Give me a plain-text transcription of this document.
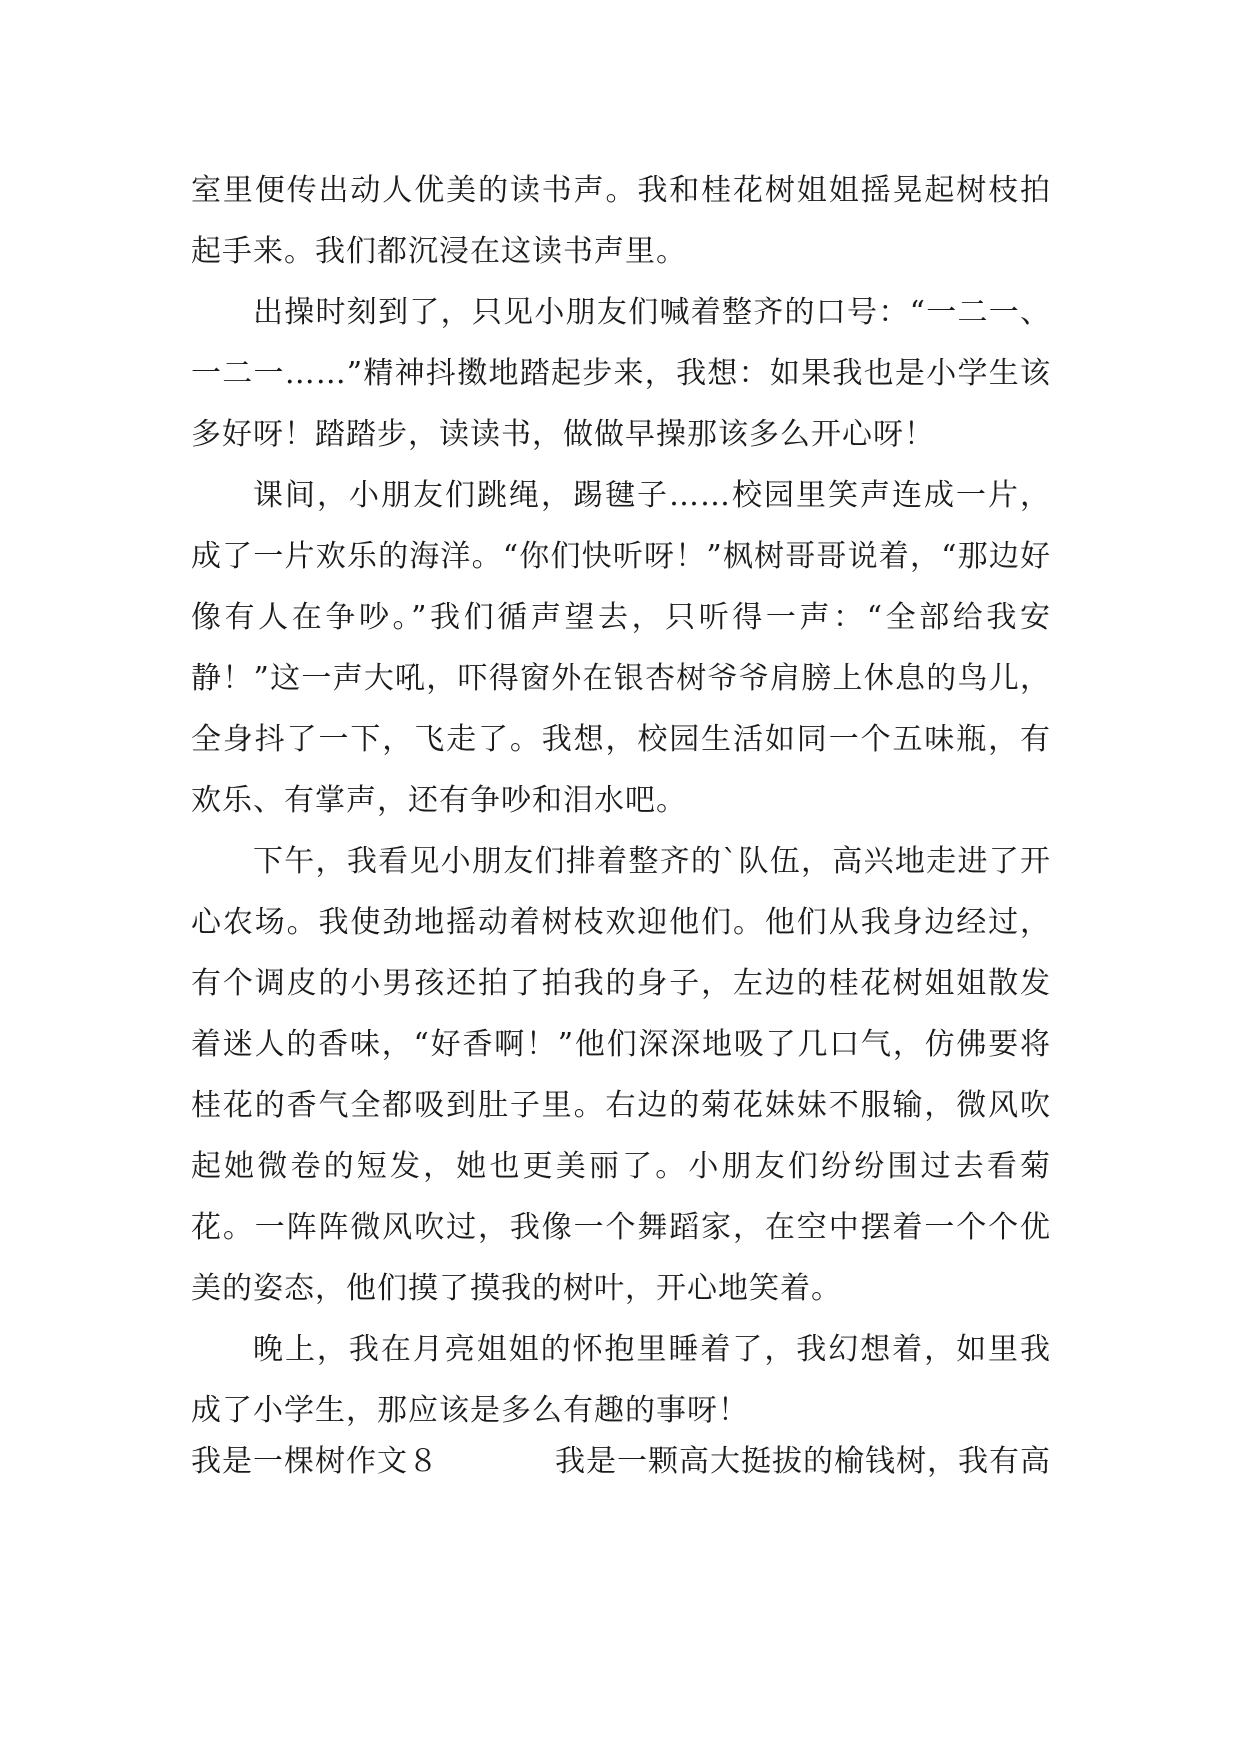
室里便传出动人优美的读书声。我和桂花树姐姐摇晃起树枝拍起手来。我们都沉浸在这读书声里。

出操时刻到了，只见小朋友们喊着整齐的口号：“一二一、一二一……”精神抖擞地踏起步来，我想：如果我也是小学生该多好呀！踏踏步，读读书，做做早操那该多么开心呀！

课间，小朋友们跳绳，踢毽子……校园里笑声连成一片，成了一片欢乐的海洋。“你们快听呀！”枫树哥哥说着，“那边好像有人在争吵。”我们循声望去，只听得一声：“全部给我安静！”这一声大吼，吓得窗外在银杏树爷爷肩膀上休息的鸟儿，全身抖了一下，飞走了。我想，校园生活如同一个五味瓶，有欢乐、有掌声，还有争吵和泪水吧。

下午，我看见小朋友们排着整齐的`队伍，高兴地走进了开心农场。我使劲地摇动着树枝欢迎他们。他们从我身边经过，有个调皮的小男孩还拍了拍我的身子，左边的桂花树姐姐散发着迷人的香味，“好香啊！”他们深深地吸了几口气，仿佛要将桂花的香气全都吸到肚子里。右边的菊花妹妹不服输，微风吹起她微卷的短发，她也更美丽了。小朋友们纷纷围过去看菊花。一阵阵微风吹过，我像一个舞蹈家，在空中摆着一个个优美的姿态，他们摸了摸我的树叶，开心地笑着。

晚上，我在月亮姐姐的怀抱里睡着了，我幻想着，如里我成了小学生，那应该是多么有趣的事呀！

我是一棵树作文８	我是一颗高大挺拔的榆钱树，我有高
